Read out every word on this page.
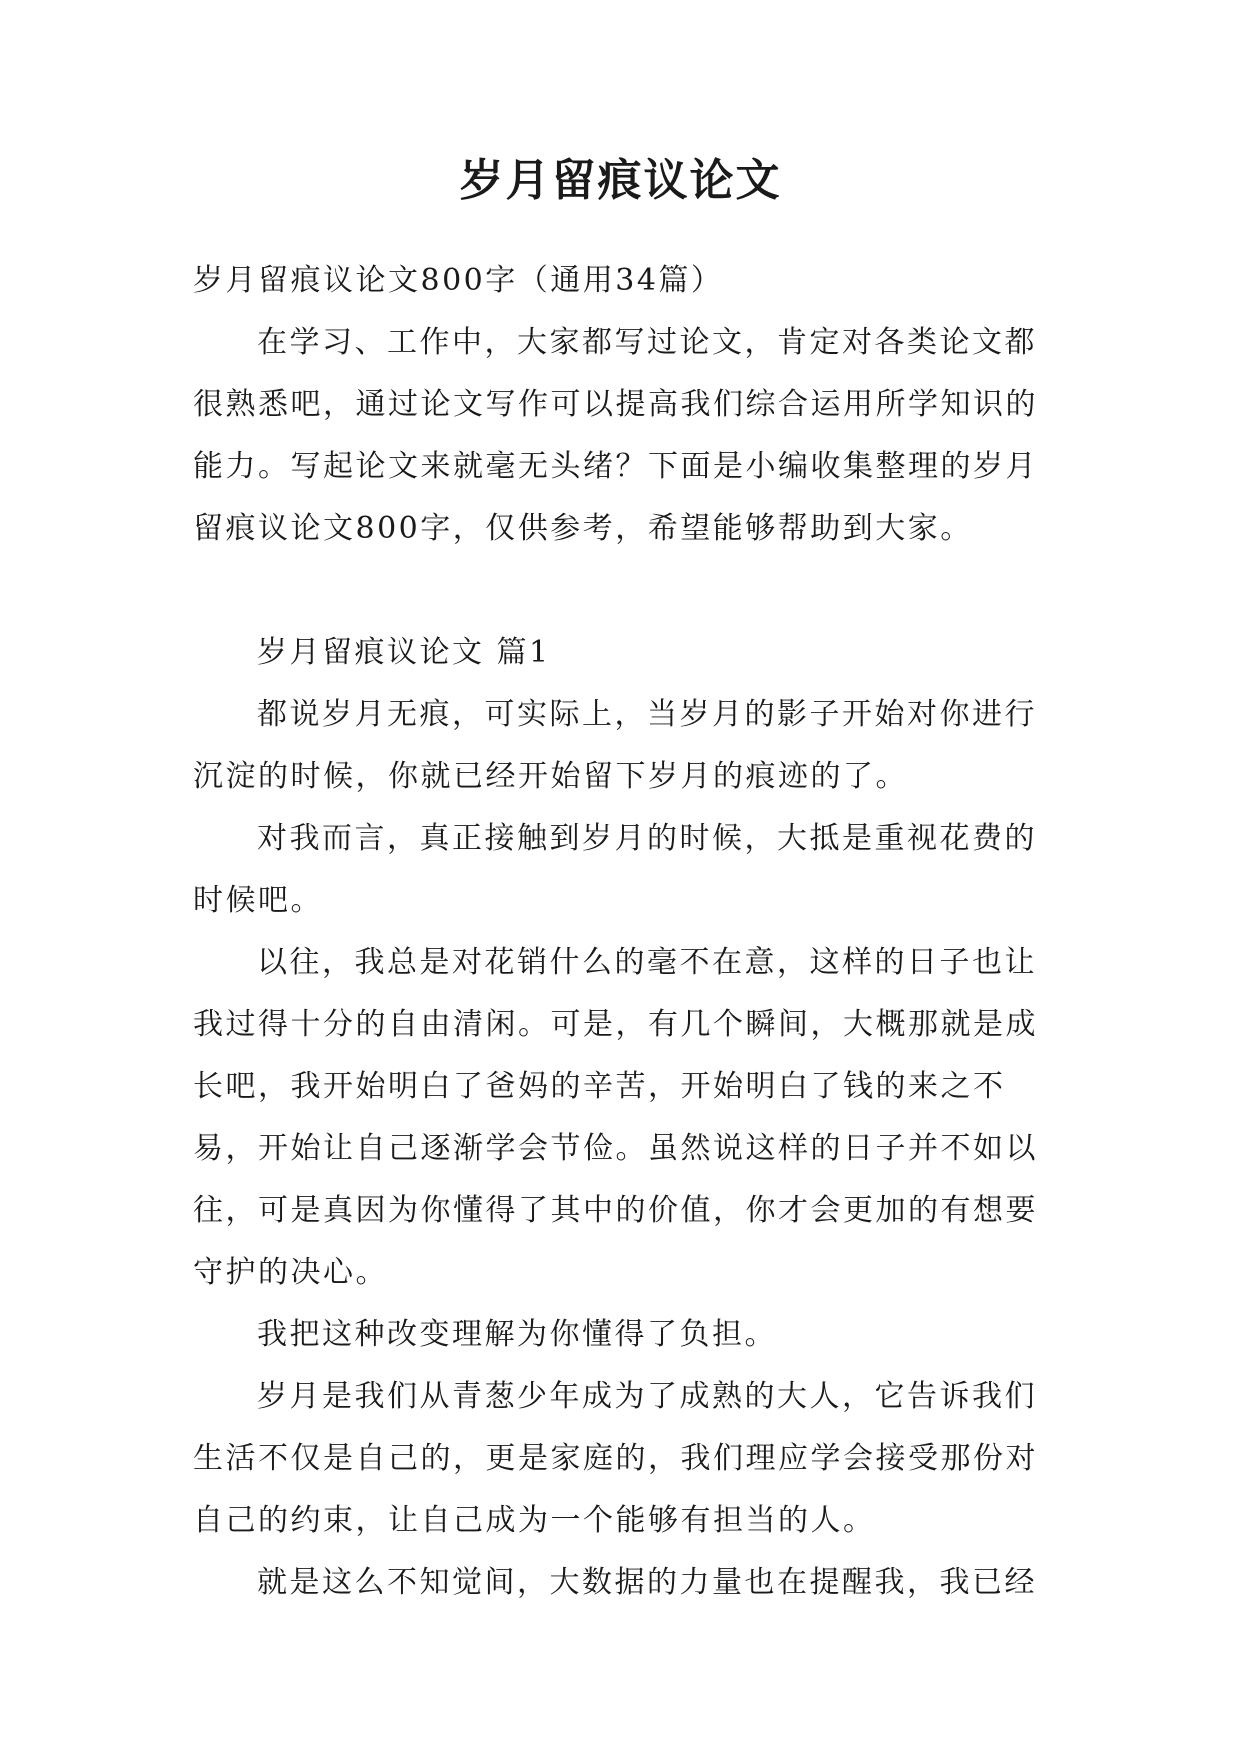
岁月留痕议论文

岁月留痕议论文800字（通用34篇）

在学习、工作中，大家都写过论文，肯定对各类论文都很熟悉吧，通过论文写作可以提高我们综合运用所学知识的能力。写起论文来就毫无头绪？下面是小编收集整理的岁月留痕议论文800字，仅供参考，希望能够帮助到大家。

岁月留痕议论文 篇1

都说岁月无痕，可实际上，当岁月的影子开始对你进行沉淀的时候，你就已经开始留下岁月的痕迹的了。

对我而言，真正接触到岁月的时候，大抵是重视花费的时候吧。

以往，我总是对花销什么的毫不在意，这样的日子也让我过得十分的自由清闲。可是，有几个瞬间，大概那就是成长吧，我开始明白了爸妈的辛苦，开始明白了钱的来之不易，开始让自己逐渐学会节俭。虽然说这样的日子并不如以往，可是真因为你懂得了其中的价值，你才会更加的有想要守护的决心。

我把这种改变理解为你懂得了负担。

岁月是我们从青葱少年成为了成熟的大人，它告诉我们生活不仅是自己的，更是家庭的，我们理应学会接受那份对自己的约束，让自己成为一个能够有担当的人。

就是这么不知觉间，大数据的力量也在提醒我，我已经
